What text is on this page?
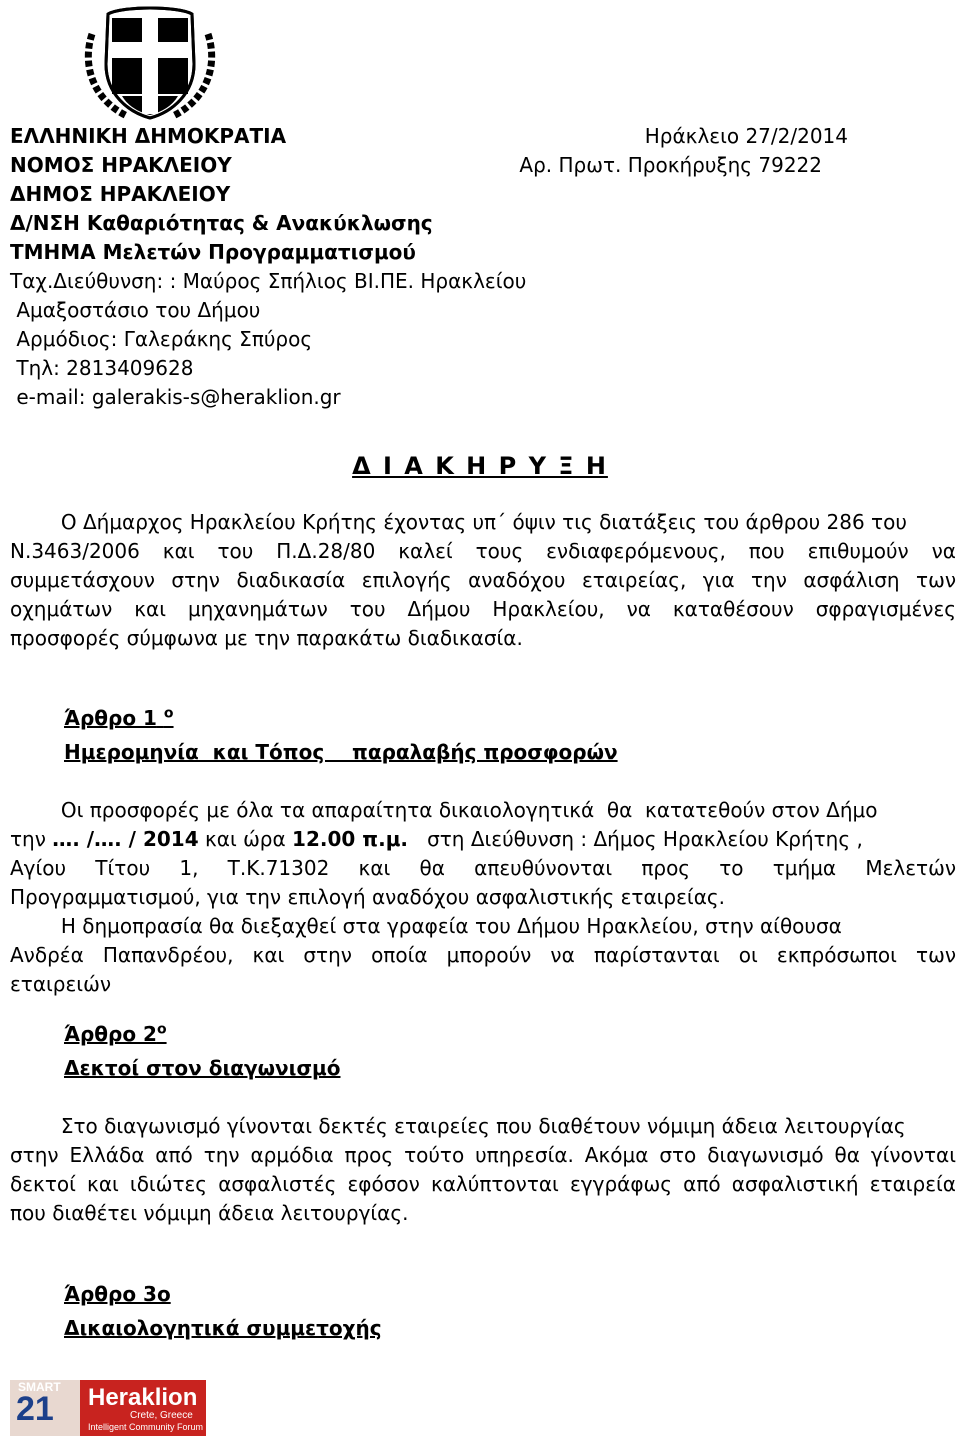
ΕΛΛΗΝΙΚΗ ΔΗΜΟΚΡΑΤΙΑ
ΝΟΜΟΣ ΗΡΑΚΛΕΙΟΥ
ΔΗΜΟΣ ΗΡΑΚΛΕΙΟΥ
Δ/ΝΣΗ Καθαριότητας & Ανακύκλωσης
ΤΜΗΜΑ Μελετών Προγραμματισμού
Ταχ.Διεύθυνση: : Μαύρος Σπήλιος ΒΙ.ΠΕ. Ηρακλείου
Αμαξοστάσιο του Δήμου
Αρμόδιος: Γαλεράκης Σπύρος
Τηλ: 2813409628
e-mail: galerakis-s@heraklion.gr
Ηράκλειο 27/2/2014
Αρ. Πρωτ. Προκήρυξης 79222
Δ Ι Α Κ Η Ρ Υ Ξ Η
Ο Δήμαρχος Ηρακλείου Κρήτης έχοντας υπ΄ όψιν τις διατάξεις του άρθρου 286 του
Ν.3463/2006 και του Π.Δ.28/80 καλεί τους ενδιαφερόμενους, που επιθυμούν να
συμμετάσχουν στην διαδικασία επιλογής αναδόχου εταιρείας, για την ασφάλιση των
οχημάτων και μηχανημάτων του Δήμου Ηρακλείου, να καταθέσουν σφραγισμένες
προσφορές σύμφωνα με την παρακάτω διαδικασία.
Άρθρο 1 $^o$
Ημερομηνία  και Τόπος    παραλαβής προσφορών
Οι προσφορές με όλα τα απαραίτητα δικαιολογητικά  θα  κατατεθούν στον Δήμο
την …. /…. / 2014 και ώρα 12.00 π.μ.   στη Διεύθυνση : Δήμος Ηρακλείου Κρήτης ,
Αγίου Τίτου 1, Τ.Κ.71302 και θα απευθύνονται προς το τμήμα Μελετών
Προγραμματισμού, για την επιλογή αναδόχου ασφαλιστικής εταιρείας.
Η δημοπρασία θα διεξαχθεί στα γραφεία του Δήμου Ηρακλείου, στην αίθουσα
Ανδρέα Παπανδρέου, και στην οποία μπορούν να παρίστανται οι εκπρόσωποι των
εταιρειών
Άρθρο $2^o$
Δεκτοί στον διαγωνισμό
Στο διαγωνισμό γίνονται δεκτές εταιρείες που διαθέτουν νόμιμη άδεια λειτουργίας
στην Ελλάδα από την αρμόδια προς τούτο υπηρεσία. Ακόμα στο διαγωνισμό θα γίνονται
δεκτοί και ιδιώτες ασφαλιστές εφόσον καλύπτονται εγγράφως από ασφαλιστική εταιρεία
που διαθέτει νόμιμη άδεια λειτουργίας.
Άρθρο 3ο
Δικαιολογητικά συμμετοχής
SMART
21 Heraklion
Crete, Greece
Intelligent Community Forum
